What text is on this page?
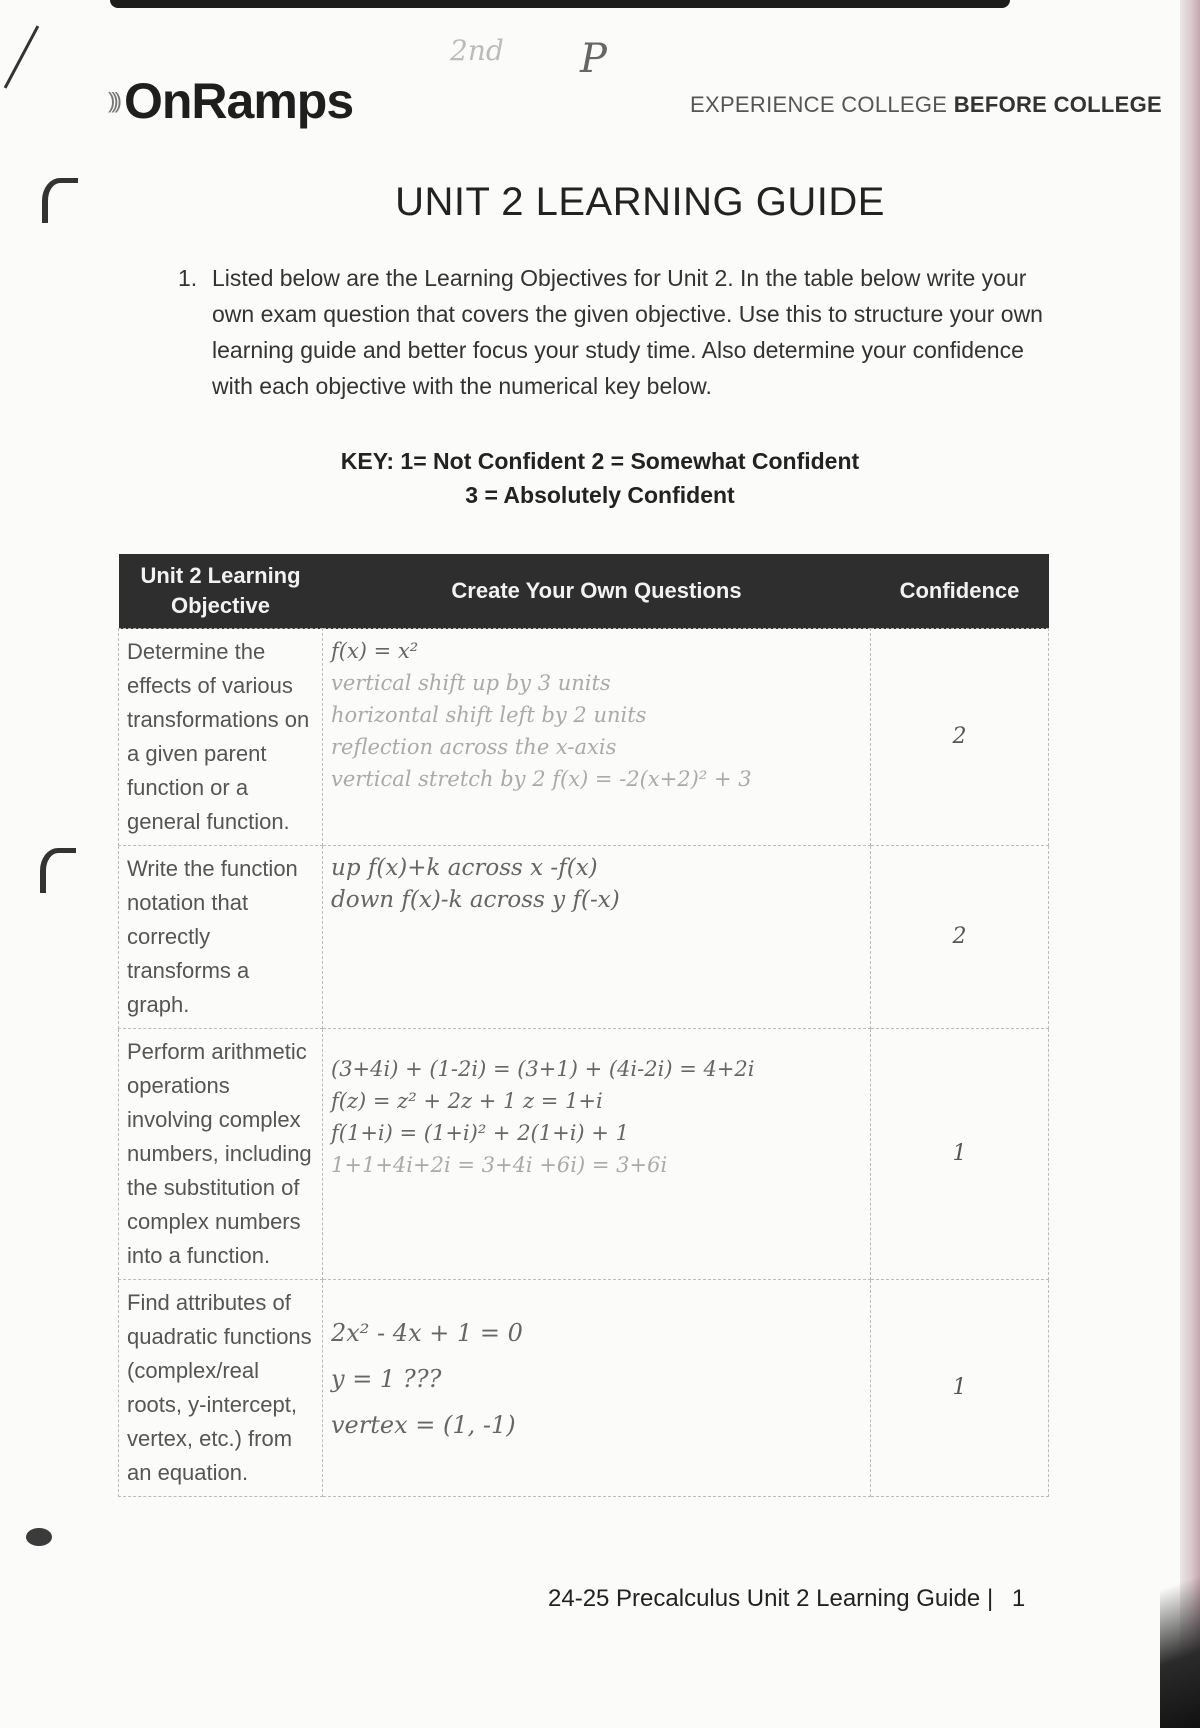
2nd P
))) OnRamps	EXPERIENCE COLLEGE BEFORE COLLEGE
UNIT 2 LEARNING GUIDE
1. Listed below are the Learning Objectives for Unit 2. In the table below write your own exam question that covers the given objective. Use this to structure your own learning guide and better focus your study time. Also determine your confidence with each objective with the numerical key below.
KEY: 1= Not Confident 2 = Somewhat Confident
3 = Absolutely Confident
Unit 2 Learning Objective	Create Your Own Questions	Confidence
Determine the effects of various transformations on a given parent function or a general function.	f(x) = x²
vertical shift up by 3 units
horizontal shift left by 2 units
reflection across the x-axis
vertical stretch by 2 f(x) = -2(x+2)² + 3	2
Write the function notation that correctly transforms a graph.	up f(x)+k across x -f(x)
down f(x)-k across y f(-x)	2
Perform arithmetic operations involving complex numbers, including the substitution of complex numbers into a function.	(3+4i) + (1-2i) = (3+1) + (4i-2i) = 4+2i
f(z) = z² + 2z + 1 z = 1+i
f(1+i) = (1+i)² + 2(1+i) + 1
1+1+4i+2i = 3+4i +6i) = 3+6i	1
Find attributes of quadratic functions (complex/real roots, y-intercept, vertex, etc.) from an equation.	2x² - 4x + 1 = 0
y = 1 ???
vertex = (1, -1)	1
24-25 Precalculus Unit 2 Learning Guide | 1
